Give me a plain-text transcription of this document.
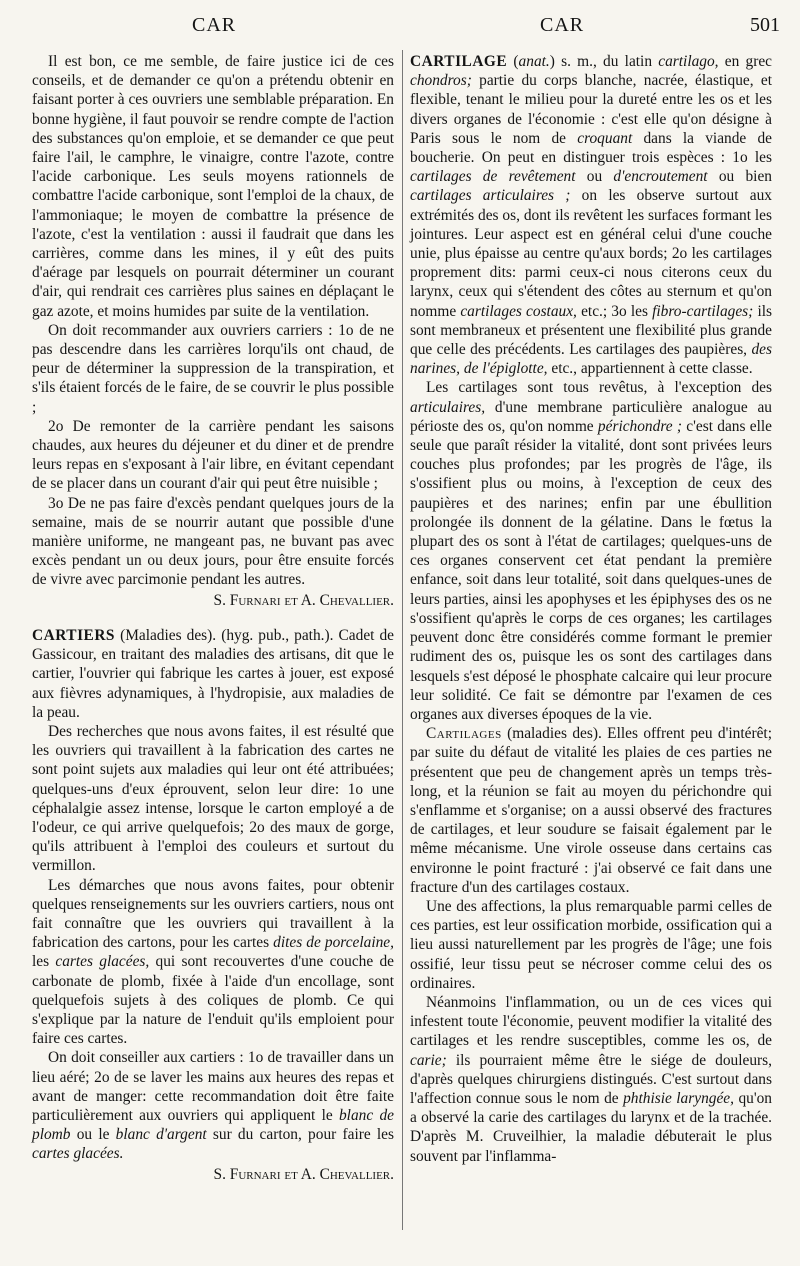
CAR	CAR	501

Il est bon, ce me semble, de faire justice ici de ces conseils, et de demander ce qu'on a prétendu obtenir en faisant porter à ces ouvriers une semblable préparation. En bonne hygiène, il faut pouvoir se rendre compte de l'action des substances qu'on emploie, et se demander ce que peut faire l'ail, le camphre, le vinaigre, contre l'azote, contre l'acide carbonique. Les seuls moyens rationnels de combattre l'acide carbonique, sont l'emploi de la chaux, de l'ammoniaque; le moyen de combattre la présence de l'azote, c'est la ventilation : aussi il faudrait que dans les carrières, comme dans les mines, il y eût des puits d'aérage par lesquels on pourrait déterminer un courant d'air, qui rendrait ces carrières plus saines en déplaçant le gaz azote, et moins humides par suite de la ventilation.

On doit recommander aux ouvriers carriers : 1o de ne pas descendre dans les carrières lorqu'ils ont chaud, de peur de déterminer la suppression de la transpiration, et s'ils étaient forcés de le faire, de se couvrir le plus possible ;

2o De remonter de la carrière pendant les saisons chaudes, aux heures du déjeuner et du diner et de prendre leurs repas en s'exposant à l'air libre, en évitant cependant de se placer dans un courant d'air qui peut être nuisible ;

3o De ne pas faire d'excès pendant quelques jours de la semaine, mais de se nourrir autant que possible d'une manière uniforme, ne mangeant pas, ne buvant pas avec excès pendant un ou deux jours, pour être ensuite forcés de vivre avec parcimonie pendant les autres.

S. Furnari et A. Chevallier.

CARTIERS (Maladies des). (hyg. pub., path.). Cadet de Gassicour, en traitant des maladies des artisans, dit que le cartier, l'ouvrier qui fabrique les cartes à jouer, est exposé aux fièvres adynamiques, à l'hydropisie, aux maladies de la peau.

Des recherches que nous avons faites, il est résulté que les ouvriers qui travaillent à la fabrication des cartes ne sont point sujets aux maladies qui leur ont été attribuées; quelques-uns d'eux éprouvent, selon leur dire: 1o une céphalalgie assez intense, lorsque le carton employé a de l'odeur, ce qui arrive quelquefois; 2o des maux de gorge, qu'ils attribuent à l'emploi des couleurs et surtout du vermillon.

Les démarches que nous avons faites, pour obtenir quelques renseignements sur les ouvriers cartiers, nous ont fait connaître que les ouvriers qui travaillent à la fabrication des cartons, pour les cartes dites de porcelaine, les cartes glacées, qui sont recouvertes d'une couche de carbonate de plomb, fixée à l'aide d'un encollage, sont quelquefois sujets à des coliques de plomb. Ce qui s'explique par la nature de l'enduit qu'ils emploient pour faire ces cartes.

On doit conseiller aux cartiers : 1o de travailler dans un lieu aéré; 2o de se laver les mains aux heures des repas et avant de manger: cette recommandation doit être faite particulièrement aux ouvriers qui appliquent le blanc de plomb ou le blanc d'argent sur du carton, pour faire les cartes glacées.

S. Furnari et A. Chevallier.

CARTILAGE (anat.) s. m., du latin cartilago, en grec chondros; partie du corps blanche, nacrée, élastique, et flexible, tenant le milieu pour la dureté entre les os et les divers organes de l'économie : c'est elle qu'on désigne à Paris sous le nom de croquant dans la viande de boucherie. On peut en distinguer trois espèces : 1o les cartilages de revêtement ou d'encroutement ou bien cartilages articulaires ; on les observe surtout aux extrémités des os, dont ils revêtent les surfaces formant les jointures. Leur aspect est en général celui d'une couche unie, plus épaisse au centre qu'aux bords; 2o les cartilages proprement dits: parmi ceux-ci nous citerons ceux du larynx, ceux qui s'étendent des côtes au sternum et qu'on nomme cartilages costaux, etc.; 3o les fibro-cartilages; ils sont membraneux et présentent une flexibilité plus grande que celle des précédents. Les cartilages des paupières, des narines, de l'épiglotte, etc., appartiennent à cette classe.

Les cartilages sont tous revêtus, à l'exception des articulaires, d'une membrane particulière analogue au périoste des os, qu'on nomme périchondre ; c'est dans elle seule que paraît résider la vitalité, dont sont privées leurs couches plus profondes; par les progrès de l'âge, ils s'ossifient plus ou moins, à l'exception de ceux des paupières et des narines; enfin par une ébullition prolongée ils donnent de la gélatine. Dans le fœtus la plupart des os sont à l'état de cartilages; quelques-uns de ces organes conservent cet état pendant la première enfance, soit dans leur totalité, soit dans quelques-unes de leurs parties, ainsi les apophyses et les épiphyses des os ne s'ossifient qu'après le corps de ces organes; les cartilages peuvent donc être considérés comme formant le premier rudiment des os, puisque les os sont des cartilages dans lesquels s'est déposé le phosphate calcaire qui leur procure leur solidité. Ce fait se démontre par l'examen de ces organes aux diverses époques de la vie.

Cartilages (maladies des). Elles offrent peu d'intérêt; par suite du défaut de vitalité les plaies de ces parties ne présentent que peu de changement après un temps très-long, et la réunion se fait au moyen du périchondre qui s'enflamme et s'organise; on a aussi observé des fractures de cartilages, et leur soudure se faisait également par le même mécanisme. Une virole osseuse dans certains cas environne le point fracturé : j'ai observé ce fait dans une fracture d'un des cartilages costaux.

Une des affections, la plus remarquable parmi celles de ces parties, est leur ossification morbide, ossification qui a lieu aussi naturellement par les progrès de l'âge; une fois ossifié, leur tissu peut se nécroser comme celui des os ordinaires.

Néanmoins l'inflammation, ou un de ces vices qui infestent toute l'économie, peuvent modifier la vitalité des cartilages et les rendre susceptibles, comme les os, de carie; ils pourraient même être le siége de douleurs, d'après quelques chirurgiens distingués. C'est surtout dans l'affection connue sous le nom de phthisie laryngée, qu'on a observé la carie des cartilages du larynx et de la trachée. D'après M. Cruveilhier, la maladie débuterait le plus souvent par l'inflamma-
